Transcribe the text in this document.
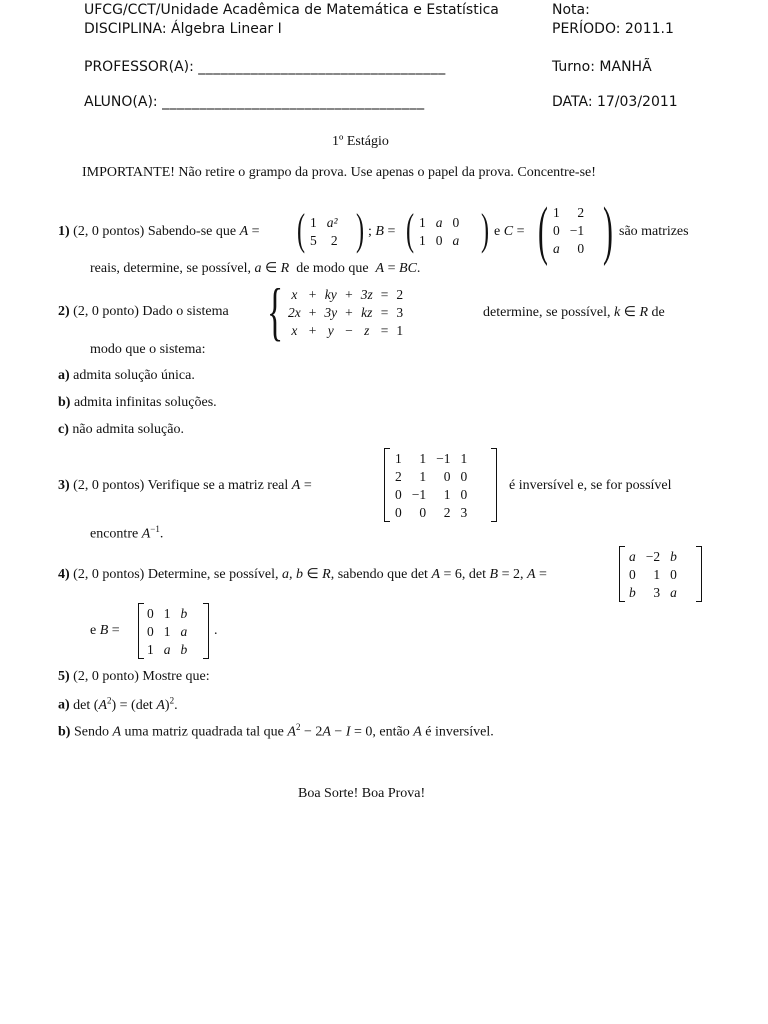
UFCG/CCT/Unidade Acadêmica de Matemática e Estatística
DISCIPLINA: Álgebra Linear I
Nota:
PERÍODO: 2011.1
PROFESSOR(A): _________________________________	Turno: MANHÃ
ALUNO(A): ___________________________________	DATA: 17/03/2011
1º Estágio
IMPORTANTE! Não retire o grampo da prova. Use apenas o papel da prova. Concentre-se!
1) (2, 0 pontos) Sabendo-se que A = ( 1	a²
5	2 ) ; B = ( 1	a	0
1	0	a ) e C = ( 1	2
0	−1
a	0 ) são matrizes
reais, determine, se possível, a ∈ R de modo que A = BC.
2) (2, 0 ponto) Dado o sistema { x	+	ky	+	3z	=	2
2x	+	3y	+	kz	=	3
x	+	y	−	z	=	1
determine, se possível, k ∈ R de
modo que o sistema:
a) admita solução única.
b) admita infinitas soluções.
c) não admita solução.
3) (2, 0 pontos) Verifique se a matriz real A =
1	1	−1	1
2	1	0	0
0	−1	1	0
0	0	2	3
é inversível e, se for possível
encontre $A^{-1}$.
4) (2, 0 pontos) Determine, se possível, a, b ∈ R, sabendo que det A = 6, det B = 2, A =
a	−2	b
0	1	0
b	3	a
e B =
0	1	b
0	1	a
1	a	b
.
5) (2, 0 ponto) Mostre que:
a) $\det (A^2) = (\det$ A)$^2$.
b) Sendo A uma matriz quadrada tal que $A^2 - 2A - I = 0$, então A é inversível.
Boa Sorte! Boa Prova!
